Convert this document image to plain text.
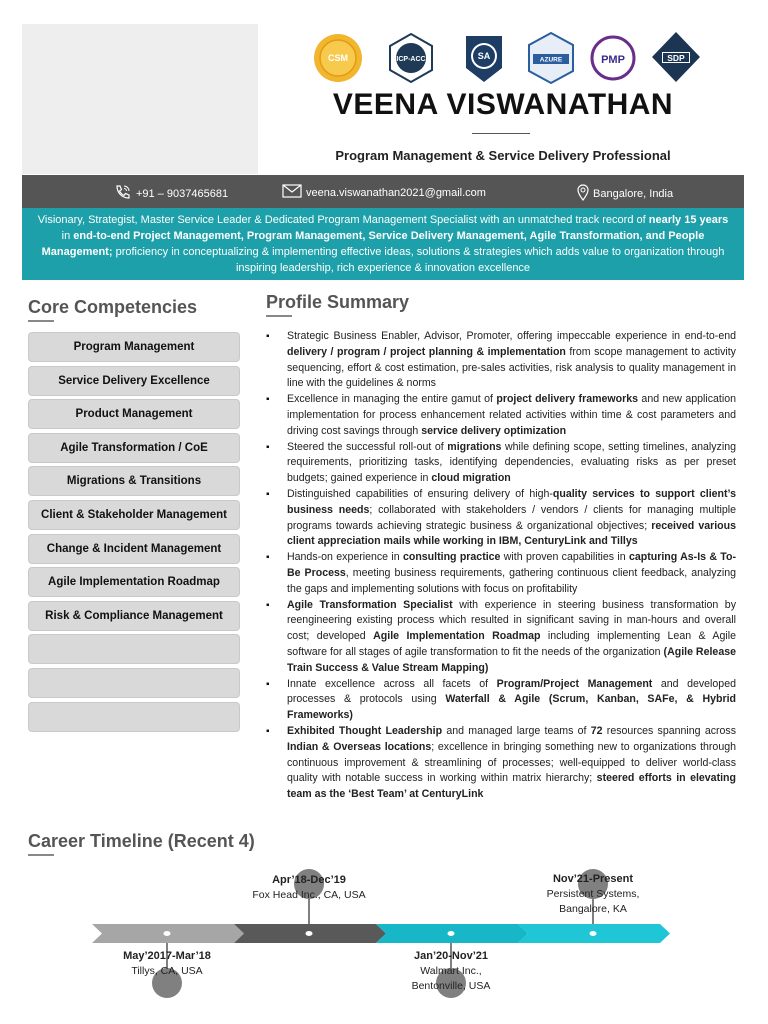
CSM	ICP-ACC	SA	AZURE	PMP	SDP
VEENA VISWANATHAN
Program Management & Service Delivery Professional
+91 – 9037465681	veena.viswanathan2021@gmail.com	Bangalore, India
Visionary, Strategist, Master Service Leader & Dedicated Program Management Specialist with an unmatched track record of nearly 15 years in end-to-end Project Management, Program Management, Service Delivery Management, Agile Transformation, and People Management; proficiency in conceptualizing & implementing effective ideas, solutions & strategies which adds value to organization through inspiring leadership, rich experience & innovation excellence
Core Competencies
Program Management
Service Delivery Excellence
Product Management
Agile Transformation / CoE
Migrations & Transitions
Client & Stakeholder Management
Change & Incident Management
Agile Implementation Roadmap
Risk & Compliance Management
Profile Summary
▪ Strategic Business Enabler, Advisor, Promoter, offering impeccable experience in end-to-end delivery / program / project planning & implementation from scope management to activity sequencing, effort & cost estimation, pre-sales activities, risk analysis to quality management in line with the guidelines & norms
▪ Excellence in managing the entire gamut of project delivery frameworks and new application implementation for process enhancement related activities within time & cost parameters and driving cost savings through service delivery optimization
▪ Steered the successful roll-out of migrations while defining scope, setting timelines, analyzing requirements, prioritizing tasks, identifying dependencies, evaluating risks as per preset budgets; gained experience in cloud migration
▪ Distinguished capabilities of ensuring delivery of high-quality services to support client’s business needs; collaborated with stakeholders / vendors / clients for managing multiple programs towards achieving strategic business & organizational objectives; received various client appreciation mails while working in IBM, CenturyLink and Tillys
▪ Hands-on experience in consulting practice with proven capabilities in capturing As-Is & To-Be Process, meeting business requirements, gathering continuous client feedback, analyzing the gaps and implementing solutions with focus on profitability
▪ Agile Transformation Specialist with experience in steering business transformation by reengineering existing process which resulted in significant saving in man-hours and overall cost; developed Agile Implementation Roadmap including implementing Lean & Agile software for all stages of agile transformation to fit the needs of the organization (Agile Release Train Success & Value Stream Mapping)
▪ Innate excellence across all facets of Program/Project Management and developed processes & protocols using Waterfall & Agile (Scrum, Kanban, SAFe, & Hybrid Frameworks)
▪ Exhibited Thought Leadership and managed large teams of 72 resources spanning across Indian & Overseas locations; excellence in bringing something new to organizations through continuous improvement & streamlining of processes; well-equipped to deliver world-class quality with notable success in working within matrix hierarchy; steered efforts in elevating team as the ‘Best Team’ at CenturyLink
Career Timeline (Recent 4)
May’2017-Mar’18
Tillys, CA, USA
Apr’18-Dec’19
Fox Head Inc., CA, USA
Jan’20-Nov’21
Walmart Inc.,
Bentonville, USA
Nov’21-Present
Persistent Systems,
Bangalore, KA
